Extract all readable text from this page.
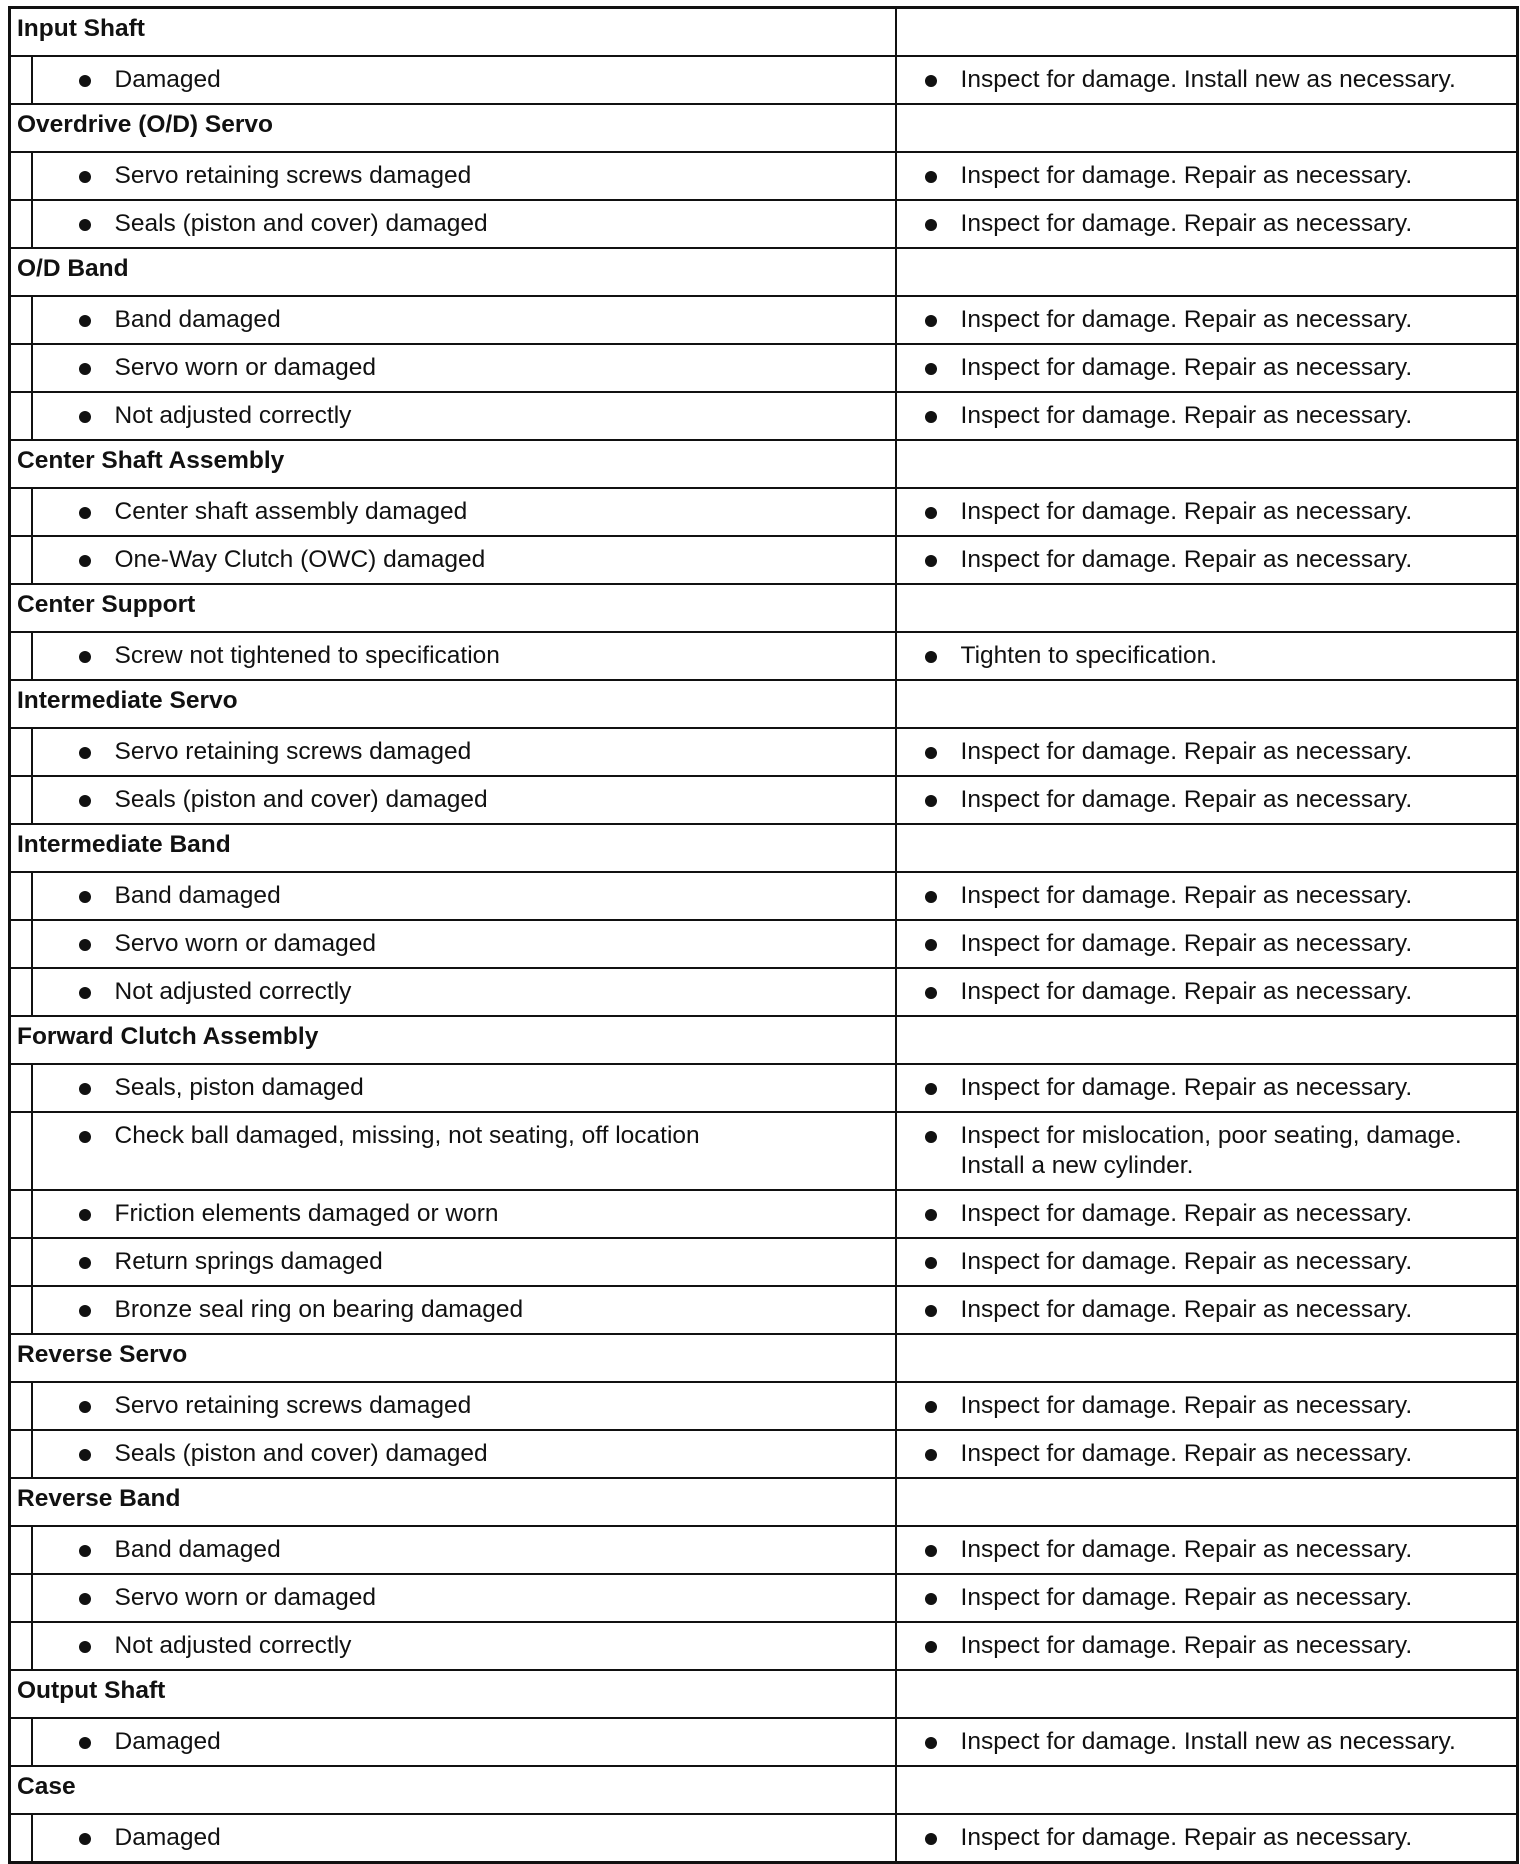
Input Shaft		

	Damaged	Inspect for damage. Install new as necessary.

Overdrive (O/D) Servo		

	Servo retaining screws damaged	Inspect for damage. Repair as necessary.

	Seals (piston and cover) damaged	Inspect for damage. Repair as necessary.

O/D Band		

	Band damaged	Inspect for damage. Repair as necessary.

	Servo worn or damaged	Inspect for damage. Repair as necessary.

	Not adjusted correctly	Inspect for damage. Repair as necessary.

Center Shaft Assembly		

	Center shaft assembly damaged	Inspect for damage. Repair as necessary.

	One-Way Clutch (OWC) damaged	Inspect for damage. Repair as necessary.

Center Support		

	Screw not tightened to specification	Tighten to specification.

Intermediate Servo		

	Servo retaining screws damaged	Inspect for damage. Repair as necessary.

	Seals (piston and cover) damaged	Inspect for damage. Repair as necessary.

Intermediate Band		

	Band damaged	Inspect for damage. Repair as necessary.

	Servo worn or damaged	Inspect for damage. Repair as necessary.

	Not adjusted correctly	Inspect for damage. Repair as necessary.

Forward Clutch Assembly		

	Seals, piston damaged	Inspect for damage. Repair as necessary.

	Check ball damaged, missing, not seating, off location	Inspect for mislocation, poor seating, damage.
Install a new cylinder.

	Friction elements damaged or worn	Inspect for damage. Repair as necessary.

	Return springs damaged	Inspect for damage. Repair as necessary.

	Bronze seal ring on bearing damaged	Inspect for damage. Repair as necessary.

Reverse Servo		

	Servo retaining screws damaged	Inspect for damage. Repair as necessary.

	Seals (piston and cover) damaged	Inspect for damage. Repair as necessary.

Reverse Band		

	Band damaged	Inspect for damage. Repair as necessary.

	Servo worn or damaged	Inspect for damage. Repair as necessary.

	Not adjusted correctly	Inspect for damage. Repair as necessary.

Output Shaft		

	Damaged	Inspect for damage. Install new as necessary.

Case		

	Damaged	Inspect for damage. Repair as necessary.
